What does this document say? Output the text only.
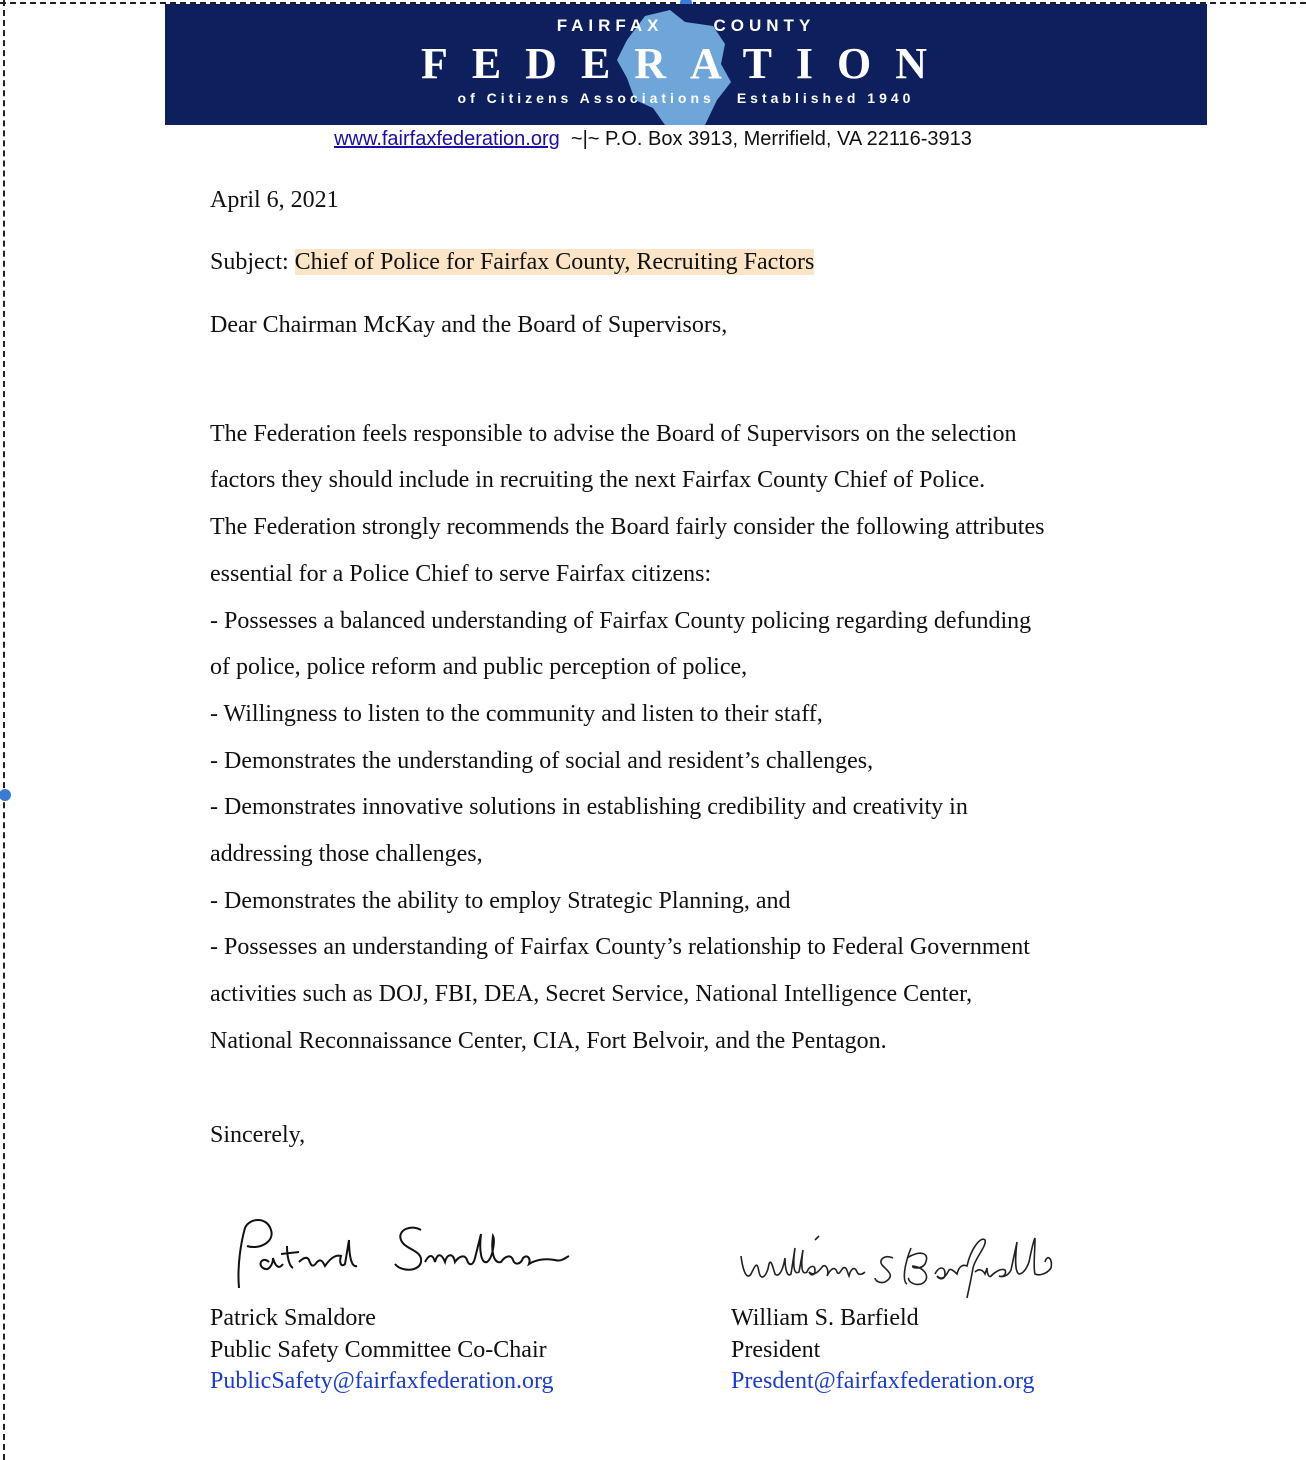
FAIRFAX	COUNTY
FEDERATION
of Citizens Associations Established 1940
www.fairfaxfederation.org ~|~ P.O. Box 3913, Merrifield, VA 22116-3913
April 6, 2021
Subject: Chief of Police for Fairfax County, Recruiting Factors
Dear Chairman McKay and the Board of Supervisors,
The Federation feels responsible to advise the Board of Supervisors on the selection
factors they should include in recruiting the next Fairfax County Chief of Police.
The Federation strongly recommends the Board fairly consider the following attributes
essential for a Police Chief to serve Fairfax citizens:
- Possesses a balanced understanding of Fairfax County policing regarding defunding
of police, police reform and public perception of police,
- Willingness to listen to the community and listen to their staff,
- Demonstrates the understanding of social and resident’s challenges,
- Demonstrates innovative solutions in establishing credibility and creativity in
addressing those challenges,
- Demonstrates the ability to employ Strategic Planning, and
- Possesses an understanding of Fairfax County’s relationship to Federal Government
activities such as DOJ, FBI, DEA, Secret Service, National Intelligence Center,
National Reconnaissance Center, CIA, Fort Belvoir, and the Pentagon.
Sincerely,
Patrick Smaldore
Public Safety Committee Co-Chair
PublicSafety@fairfaxfederation.org
William S. Barfield
President
Presdent@fairfaxfederation.org
